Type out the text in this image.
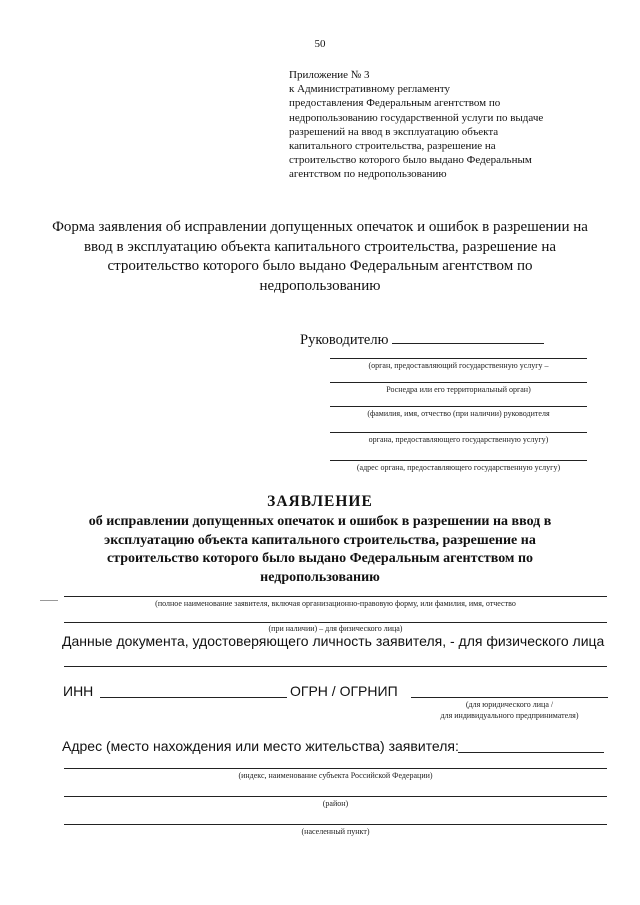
50
Приложение № 3
к Административному регламенту
предоставления Федеральным агентством по
недропользованию государственной услуги по выдаче
разрешений на ввод в эксплуатацию объекта
капитального строительства, разрешение на
строительство которого было выдано Федеральным
агентством по недропользованию
Форма заявления об исправлении допущенных опечаток и ошибок в разрешении на
ввод в эксплуатацию объекта капитального строительства, разрешение на
строительство которого было выдано Федеральным агентством по
недропользованию
Руководителю
(орган, предоставляющий государственную услугу –
Роснедра или его территориальный орган)
(фамилия, имя, отчество (при наличии) руководителя
органа, предоставляющего государственную услугу)
(адрес органа, предоставляющего государственную услугу)
ЗАЯВЛЕНИЕ
об исправлении допущенных опечаток и ошибок в разрешении на ввод в
эксплуатацию объекта капитального строительства, разрешение на
строительство которого было выдано Федеральным агентством по
недропользованию
(полное наименование заявителя, включая организационно-правовую форму, или фамилия, имя, отчество
(при наличии) – для физического лица)
Данные документа, удостоверяющего личность заявителя, - для физического лица
ИНН	ОГРН / ОГРНИП
(для юридического лица /
для индивидуального предпринимателя)
Адрес (место нахождения или место жительства) заявителя:
(индекс, наименование субъекта Российской Федерации)
(район)
(населенный пункт)
